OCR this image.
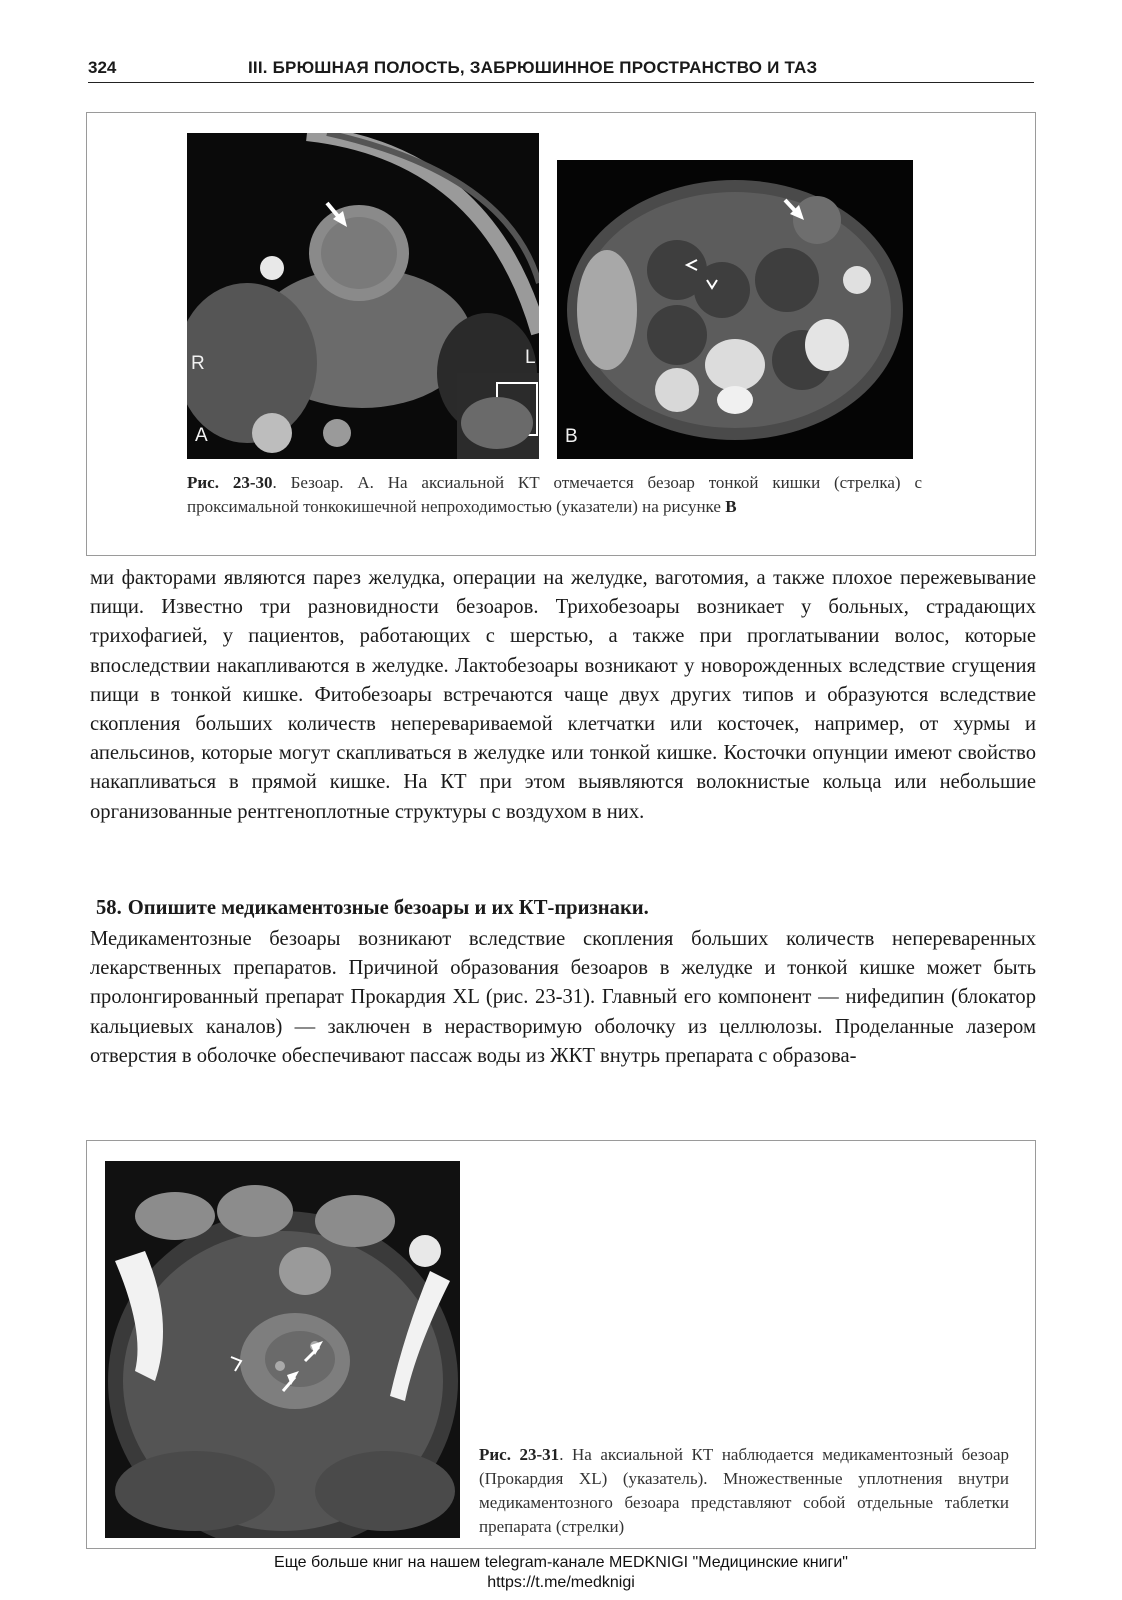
324	III. БРЮШНАЯ ПОЛОСТЬ, ЗАБРЮШИННОЕ ПРОСТРАНСТВО И ТАЗ
R	L
A	B
Рис. 23-30. Безоар. А. На аксиальной КТ отмечается безоар тонкой кишки (стрелка) с проксимальной тонкокишечной непроходимостью (указатели) на рисунке B
ми факторами являются парез желудка, операции на желудке, ваготомия, а также плохое пережевывание пищи. Известно три разновидности безоаров. Трихобезоары возникает у больных, страдающих трихофагией, у пациентов, работающих с шерстью, а также при проглатывании волос, которые впоследствии накапливаются в желудке. Лактобезоары возникают у новорожденных вследствие сгущения пищи в тонкой кишке. Фитобезоары встречаются чаще двух других типов и образуются вследствие скопления больших количеств неперевариваемой клетчатки или косточек, например, от хурмы и апельсинов, которые могут скапливаться в желудке или тонкой кишке. Косточки опунции имеют свойство накапливаться в прямой кишке. На КТ при этом выявляются волокнистые кольца или небольшие организованные рентгеноплотные структуры с воздухом в них.
58. Опишите медикаментозные безоары и их КТ-признаки.
Медикаментозные безоары возникают вследствие скопления больших количеств непереваренных лекарственных препаратов. Причиной образования безоаров в желудке и тонкой кишке может быть пролонгированный препарат Прокардия XL (рис. 23-31). Главный его компонент — нифедипин (блокатор кальциевых каналов) — заключен в нерастворимую оболочку из целлюлозы. Проделанные лазером отверстия в оболочке обеспечивают пассаж воды из ЖКТ внутрь препарата с образова-
Рис. 23-31. На аксиальной КТ наблюдается медикаментозный безоар (Прокардия XL) (указатель). Множественные уплотнения внутри медикаментозного безоара представляют собой отдельные таблетки препарата (стрелки)
Еще больше книг на нашем telegram-канале MEDKNIGI "Медицинские книги"
https://t.me/medknigi
